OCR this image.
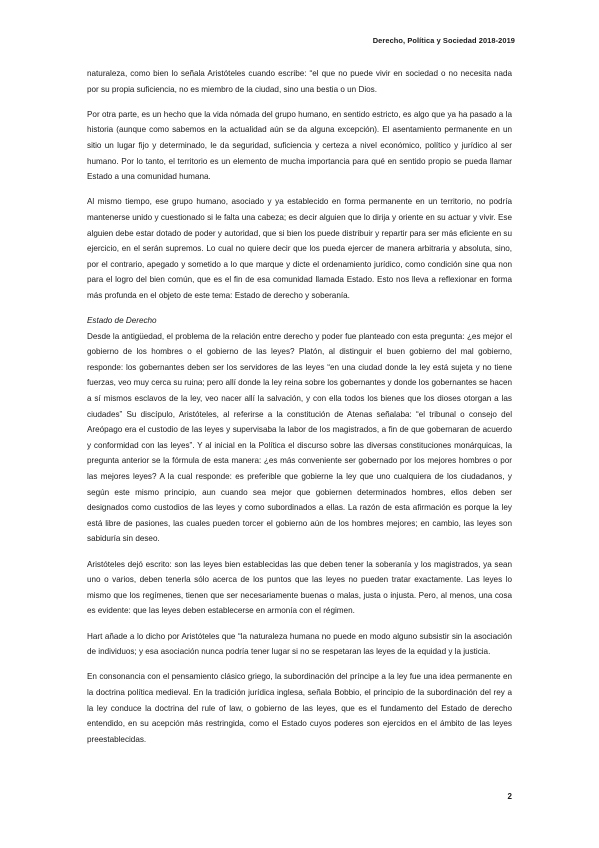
Derecho, Política y Sociedad 2018-2019

naturaleza, como bien lo señala Aristóteles cuando escribe: “el que no puede vivir en sociedad o no necesita nada por su propia suficiencia, no es miembro de la ciudad, sino una bestia o un Dios.

Por otra parte, es un hecho que la vida nómada del grupo humano, en sentido estricto, es algo que ya ha pasado a la historia (aunque como sabemos en la actualidad aún se da alguna excepción). El asentamiento permanente en un sitio un lugar fijo y determinado, le da seguridad, suficiencia y certeza a nivel económico, político y jurídico al ser humano. Por lo tanto, el territorio es un elemento de mucha importancia para qué en sentido propio se pueda llamar Estado a una comunidad humana.

Al mismo tiempo, ese grupo humano, asociado y ya establecido en forma permanente en un territorio, no podría mantenerse unido y cuestionado si le falta una cabeza; es decir alguien que lo dirija y oriente en su actuar y vivir. Ese alguien debe estar dotado de poder y autoridad, que si bien los puede distribuir y repartir para ser más eficiente en su ejercicio, en el serán supremos. Lo cual no quiere decir que los pueda ejercer de manera arbitraria y absoluta, sino, por el contrario, apegado y sometido a lo que marque y dicte el ordenamiento jurídico, como condición sine qua non para el logro del bien común, que es el fin de esa comunidad llamada Estado. Esto nos lleva a reflexionar en forma más profunda en el objeto de este tema: Estado de derecho y soberanía.

Estado de Derecho

Desde la antigüedad, el problema de la relación entre derecho y poder fue planteado con esta pregunta: ¿es mejor el gobierno de los hombres o el gobierno de las leyes? Platón, al distinguir el buen gobierno del mal gobierno, responde: los gobernantes deben ser los servidores de las leyes “en una ciudad donde la ley está sujeta y no tiene fuerzas, veo muy cerca su ruina; pero allí donde la ley reina sobre los gobernantes y donde los gobernantes se hacen a sí mismos esclavos de la ley, veo nacer allí la salvación, y con ella todos los bienes que los dioses otorgan a las ciudades” Su discípulo, Aristóteles, al referirse a la constitución de Atenas señalaba: “el tribunal o consejo del Areópago era el custodio de las leyes y supervisaba la labor de los magistrados, a fin de que gobernaran de acuerdo y conformidad con las leyes”. Y al inicial en la Política el discurso sobre las diversas constituciones monárquicas, la pregunta anterior se la fórmula de esta manera: ¿es más conveniente ser gobernado por los mejores hombres o por las mejores leyes? A la cual responde: es preferible que gobierne la ley que uno cualquiera de los ciudadanos, y según este mismo principio, aun cuando sea mejor que gobiernen determinados hombres, ellos deben ser designados como custodios de las leyes y como subordinados a ellas. La razón de esta afirmación es porque la ley está libre de pasiones, las cuales pueden torcer el gobierno aún de los hombres mejores; en cambio, las leyes son sabiduría sin deseo.

Aristóteles dejó escrito: son las leyes bien establecidas las que deben tener la soberanía y los magistrados, ya sean uno o varios, deben tenerla sólo acerca de los puntos que las leyes no pueden tratar exactamente. Las leyes lo mismo que los regímenes, tienen que ser necesariamente buenas o malas, justa o injusta. Pero, al menos, una cosa es evidente: que las leyes deben establecerse en armonía con el régimen.

Hart añade a lo dicho por Aristóteles que “la naturaleza humana no puede en modo alguno subsistir sin la asociación de individuos; y esa asociación nunca podría tener lugar si no se respetaran las leyes de la equidad y la justicia.

En consonancia con el pensamiento clásico griego, la subordinación del príncipe a la ley fue una idea permanente en la doctrina política medieval. En la tradición jurídica inglesa, señala Bobbio, el principio de la subordinación del rey a la ley conduce la doctrina del rule of law, o gobierno de las leyes, que es el fundamento del Estado de derecho entendido, en su acepción más restringida, como el Estado cuyos poderes son ejercidos en el ámbito de las leyes preestablecidas.

2
